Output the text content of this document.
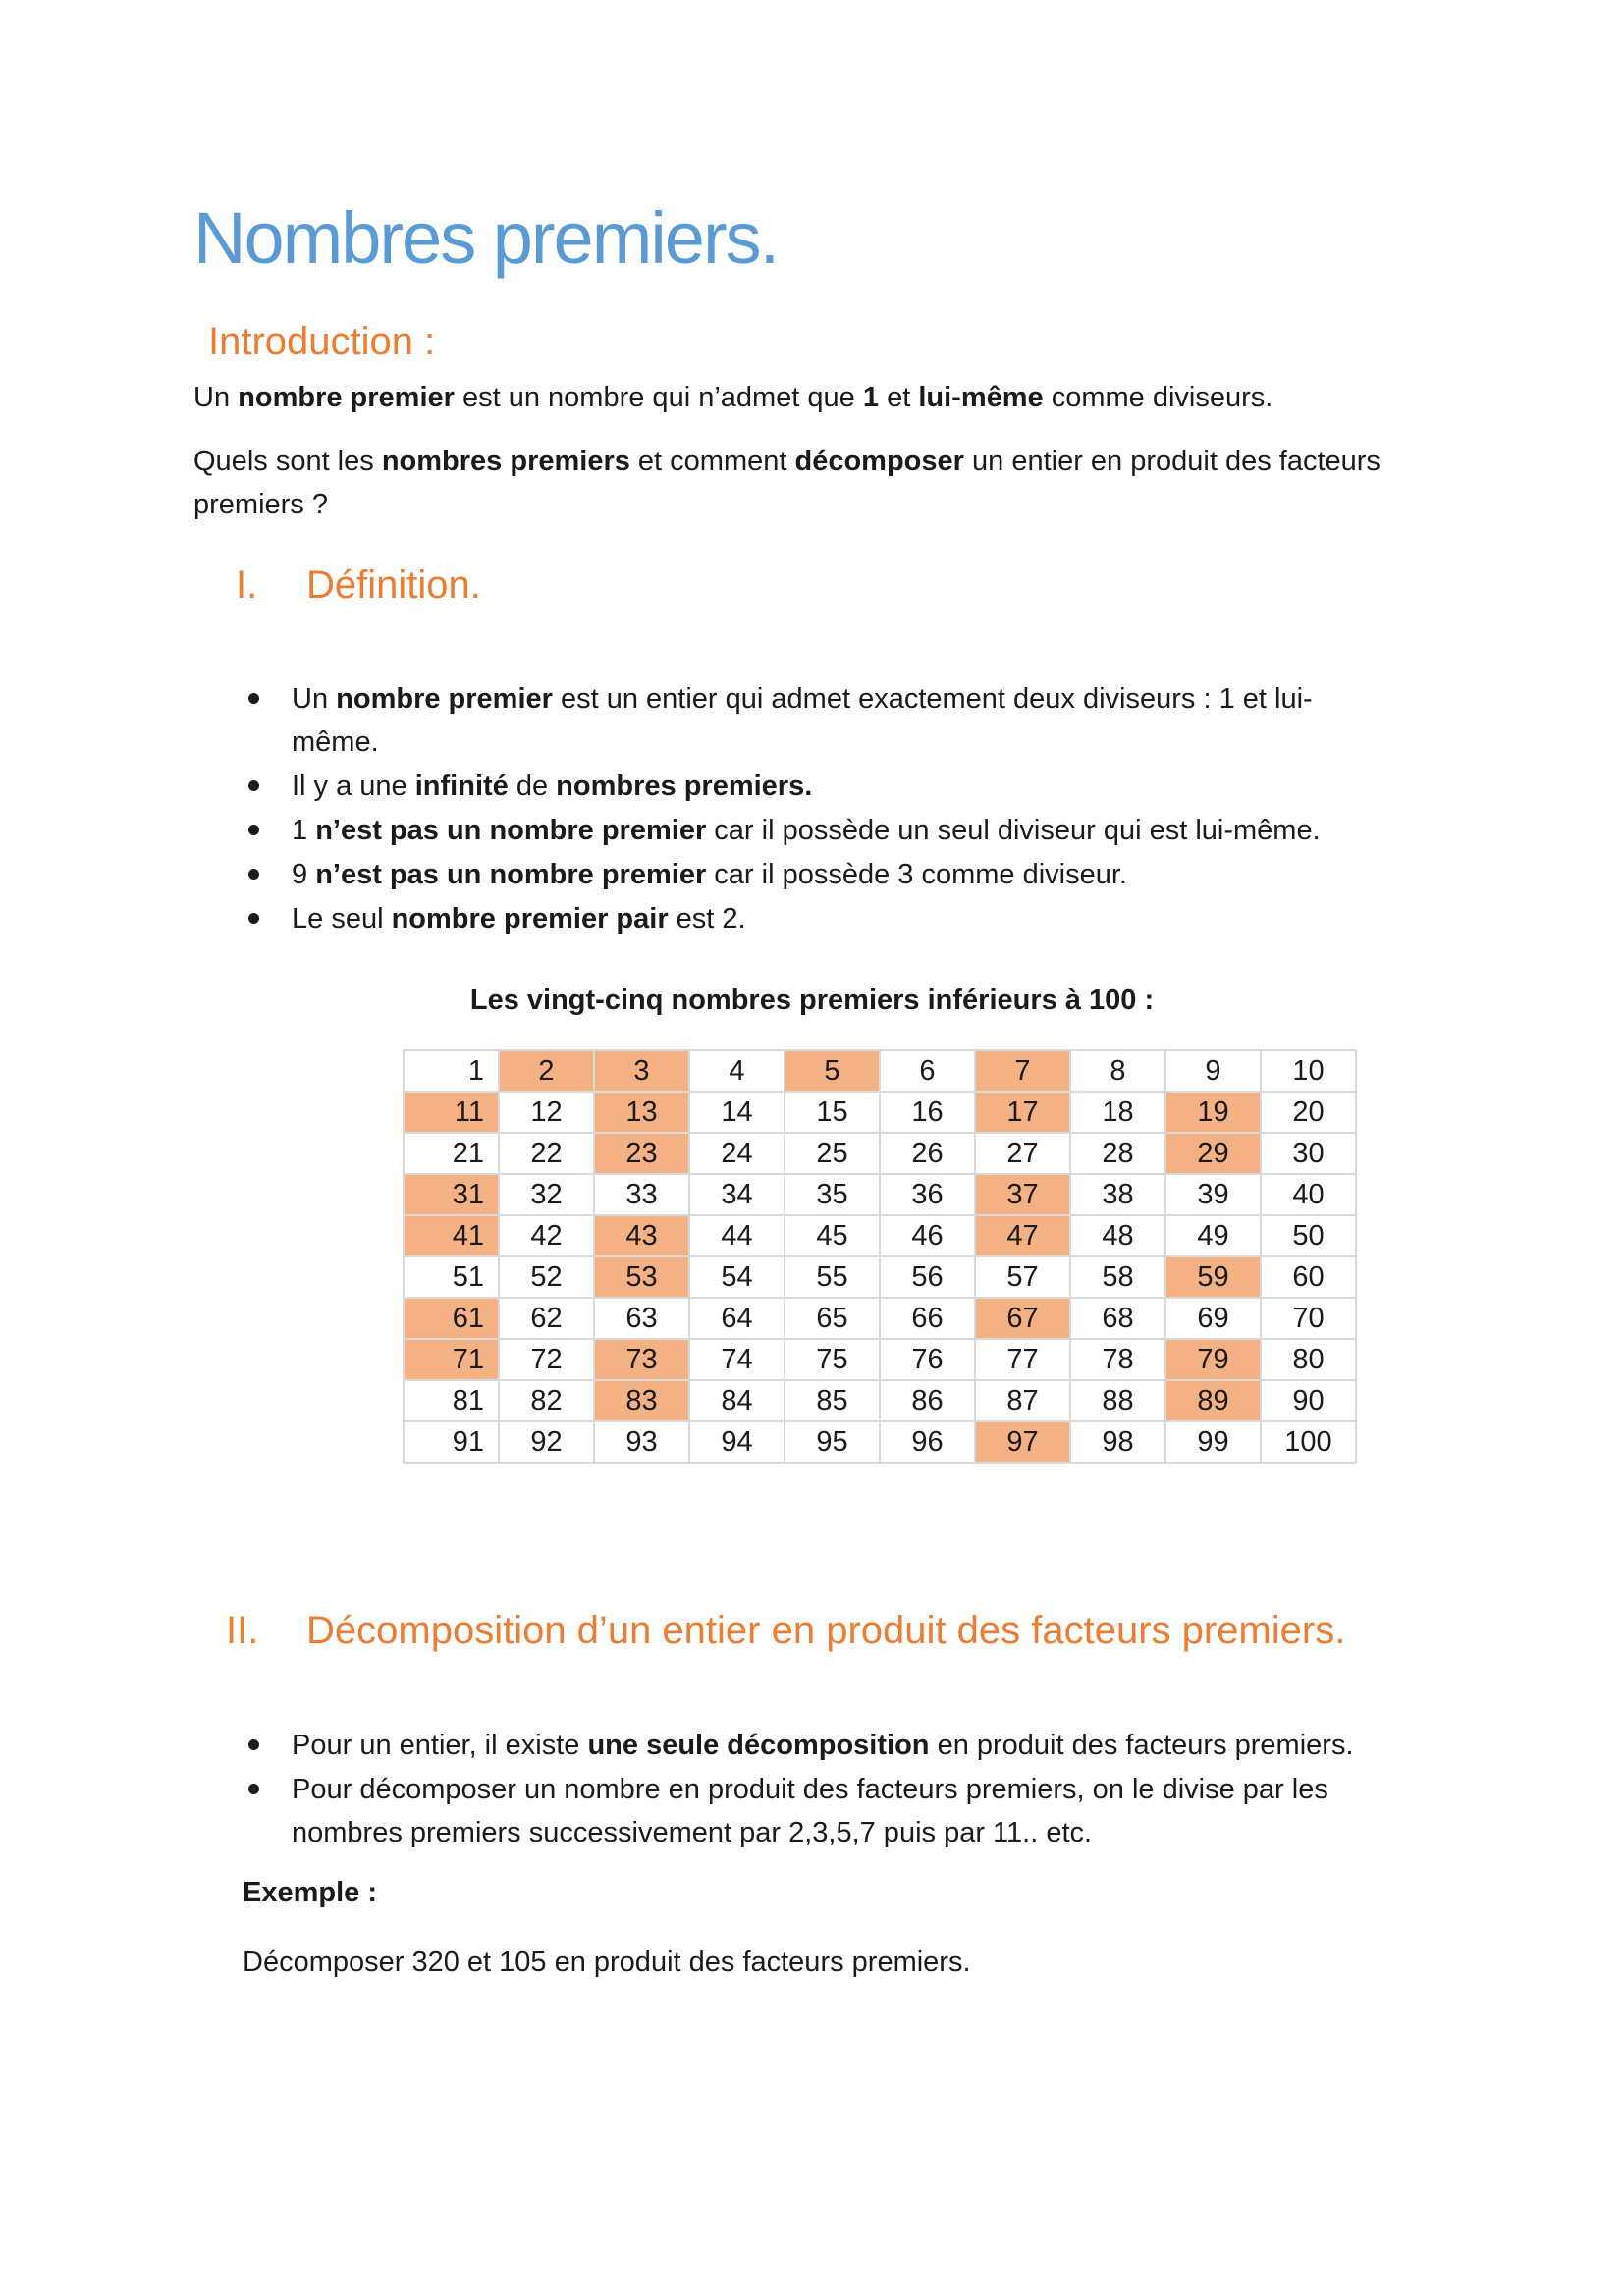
Nombres premiers.
Introduction :
Un nombre premier est un nombre qui n’admet que 1 et lui-même comme diviseurs.
Quels sont les nombres premiers et comment décomposer un entier en produit des facteurs premiers ?
I. Définition.
Un nombre premier est un entier qui admet exactement deux diviseurs : 1 et lui-même.
Il y a une infinité de nombres premiers.
1 n’est pas un nombre premier car il possède un seul diviseur qui est lui-même.
9 n’est pas un nombre premier car il possède 3 comme diviseur.
Le seul nombre premier pair est 2.
Les vingt-cinq nombres premiers inférieurs à 100 :
1	2	3	4	5	6	7	8	9	10
11	12	13	14	15	16	17	18	19	20
21	22	23	24	25	26	27	28	29	30
31	32	33	34	35	36	37	38	39	40
41	42	43	44	45	46	47	48	49	50
51	52	53	54	55	56	57	58	59	60
61	62	63	64	65	66	67	68	69	70
71	72	73	74	75	76	77	78	79	80
81	82	83	84	85	86	87	88	89	90
91	92	93	94	95	96	97	98	99	100
II. Décomposition d’un entier en produit des facteurs premiers.
Pour un entier, il existe une seule décomposition en produit des facteurs premiers.
Pour décomposer un nombre en produit des facteurs premiers, on le divise par les nombres premiers successivement par 2,3,5,7 puis par 11.. etc.
Exemple :
Décomposer 320 et 105 en produit des facteurs premiers.
